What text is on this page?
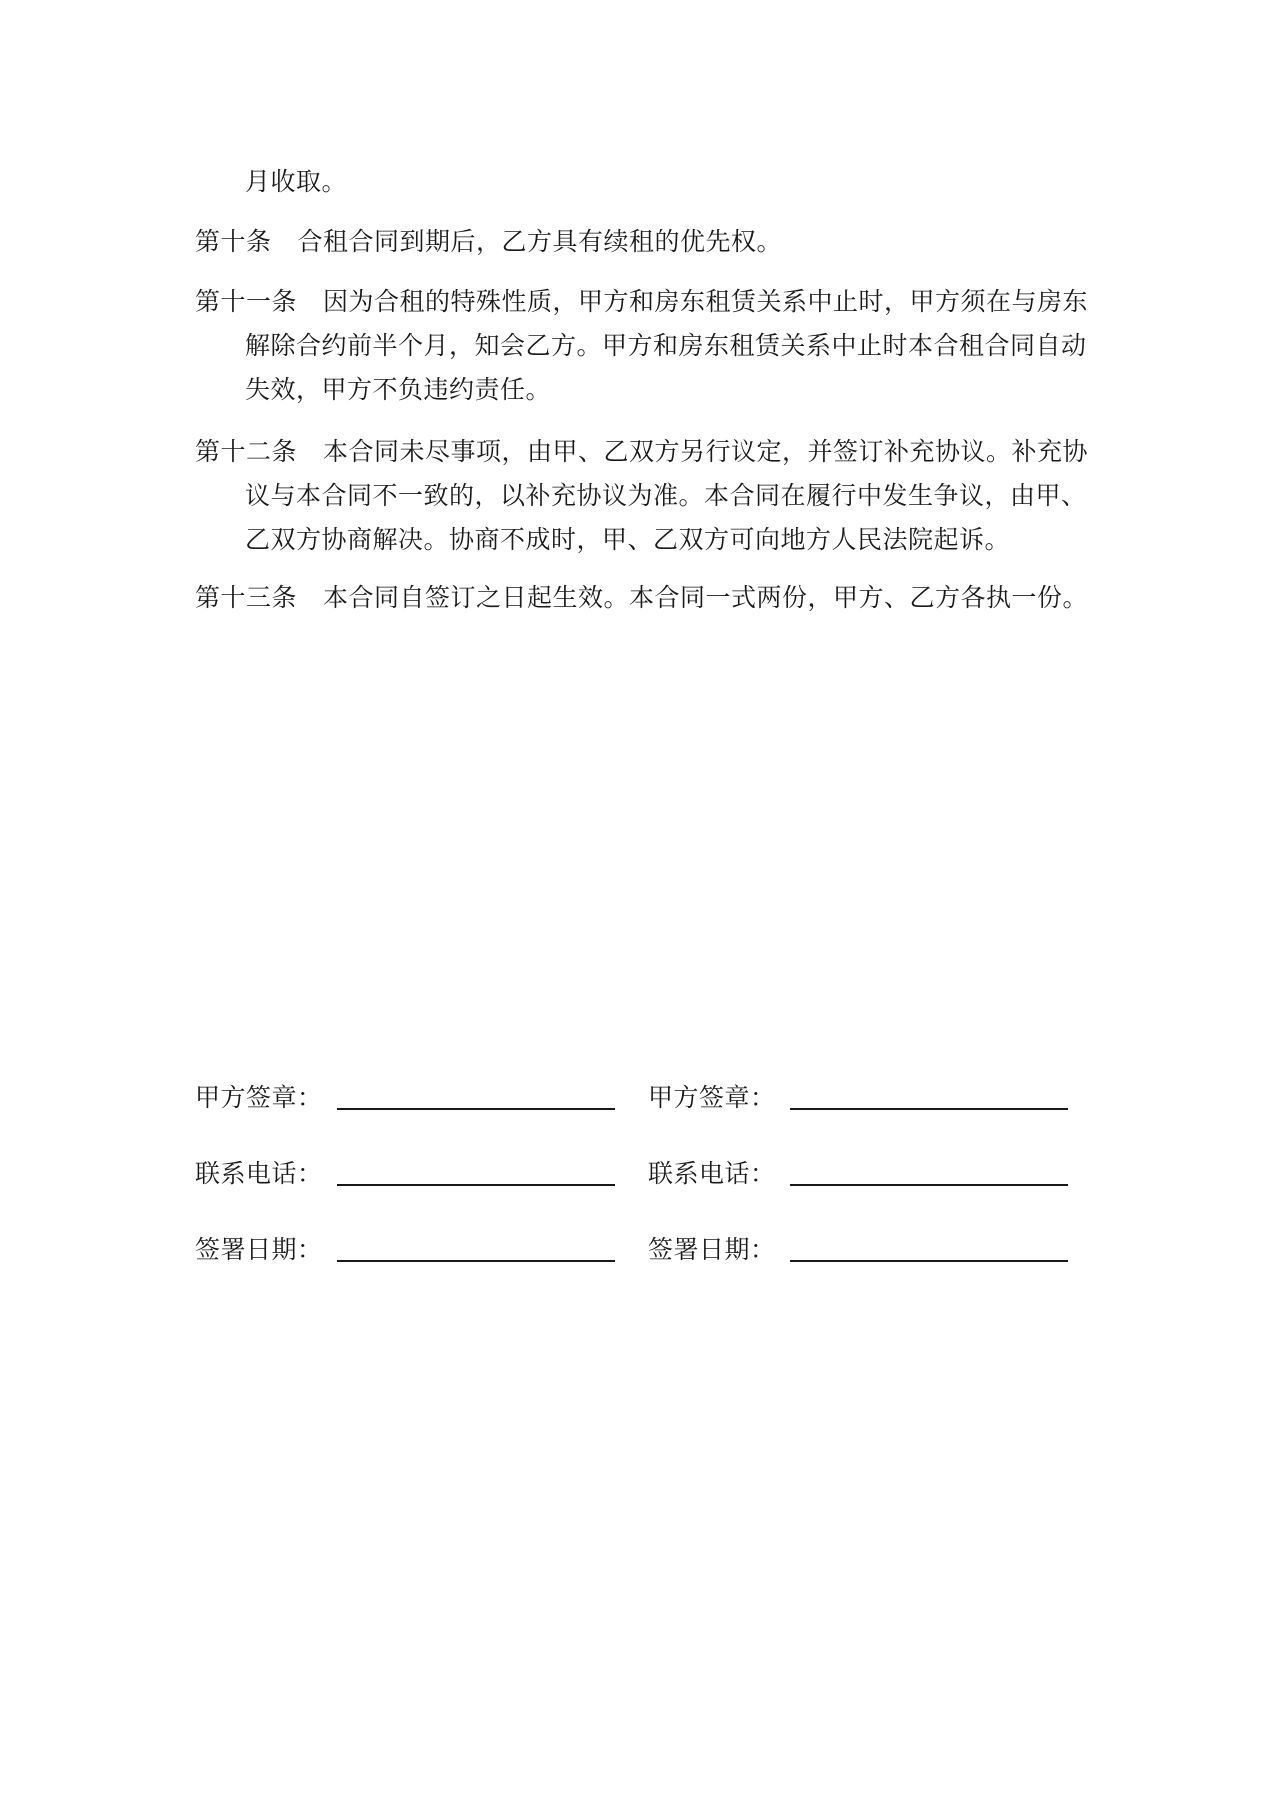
月收取。
第十条 合租合同到期后，乙方具有续租的优先权。
第十一条 因为合租的特殊性质，甲方和房东租赁关系中止时，甲方须在与房东
解除合约前半个月，知会乙方。甲方和房东租赁关系中止时本合租合同自动
失效，甲方不负违约责任。
第十二条 本合同未尽事项，由甲、乙双方另行议定，并签订补充协议。补充协
议与本合同不一致的，以补充协议为准。本合同在履行中发生争议，由甲、
乙双方协商解决。协商不成时，甲、乙双方可向地方人民法院起诉。
第十三条 本合同自签订之日起生效。本合同一式两份，甲方、乙方各执一份。
甲方签章：
联系电话：
签署日期：
甲方签章：
联系电话：
签署日期：
